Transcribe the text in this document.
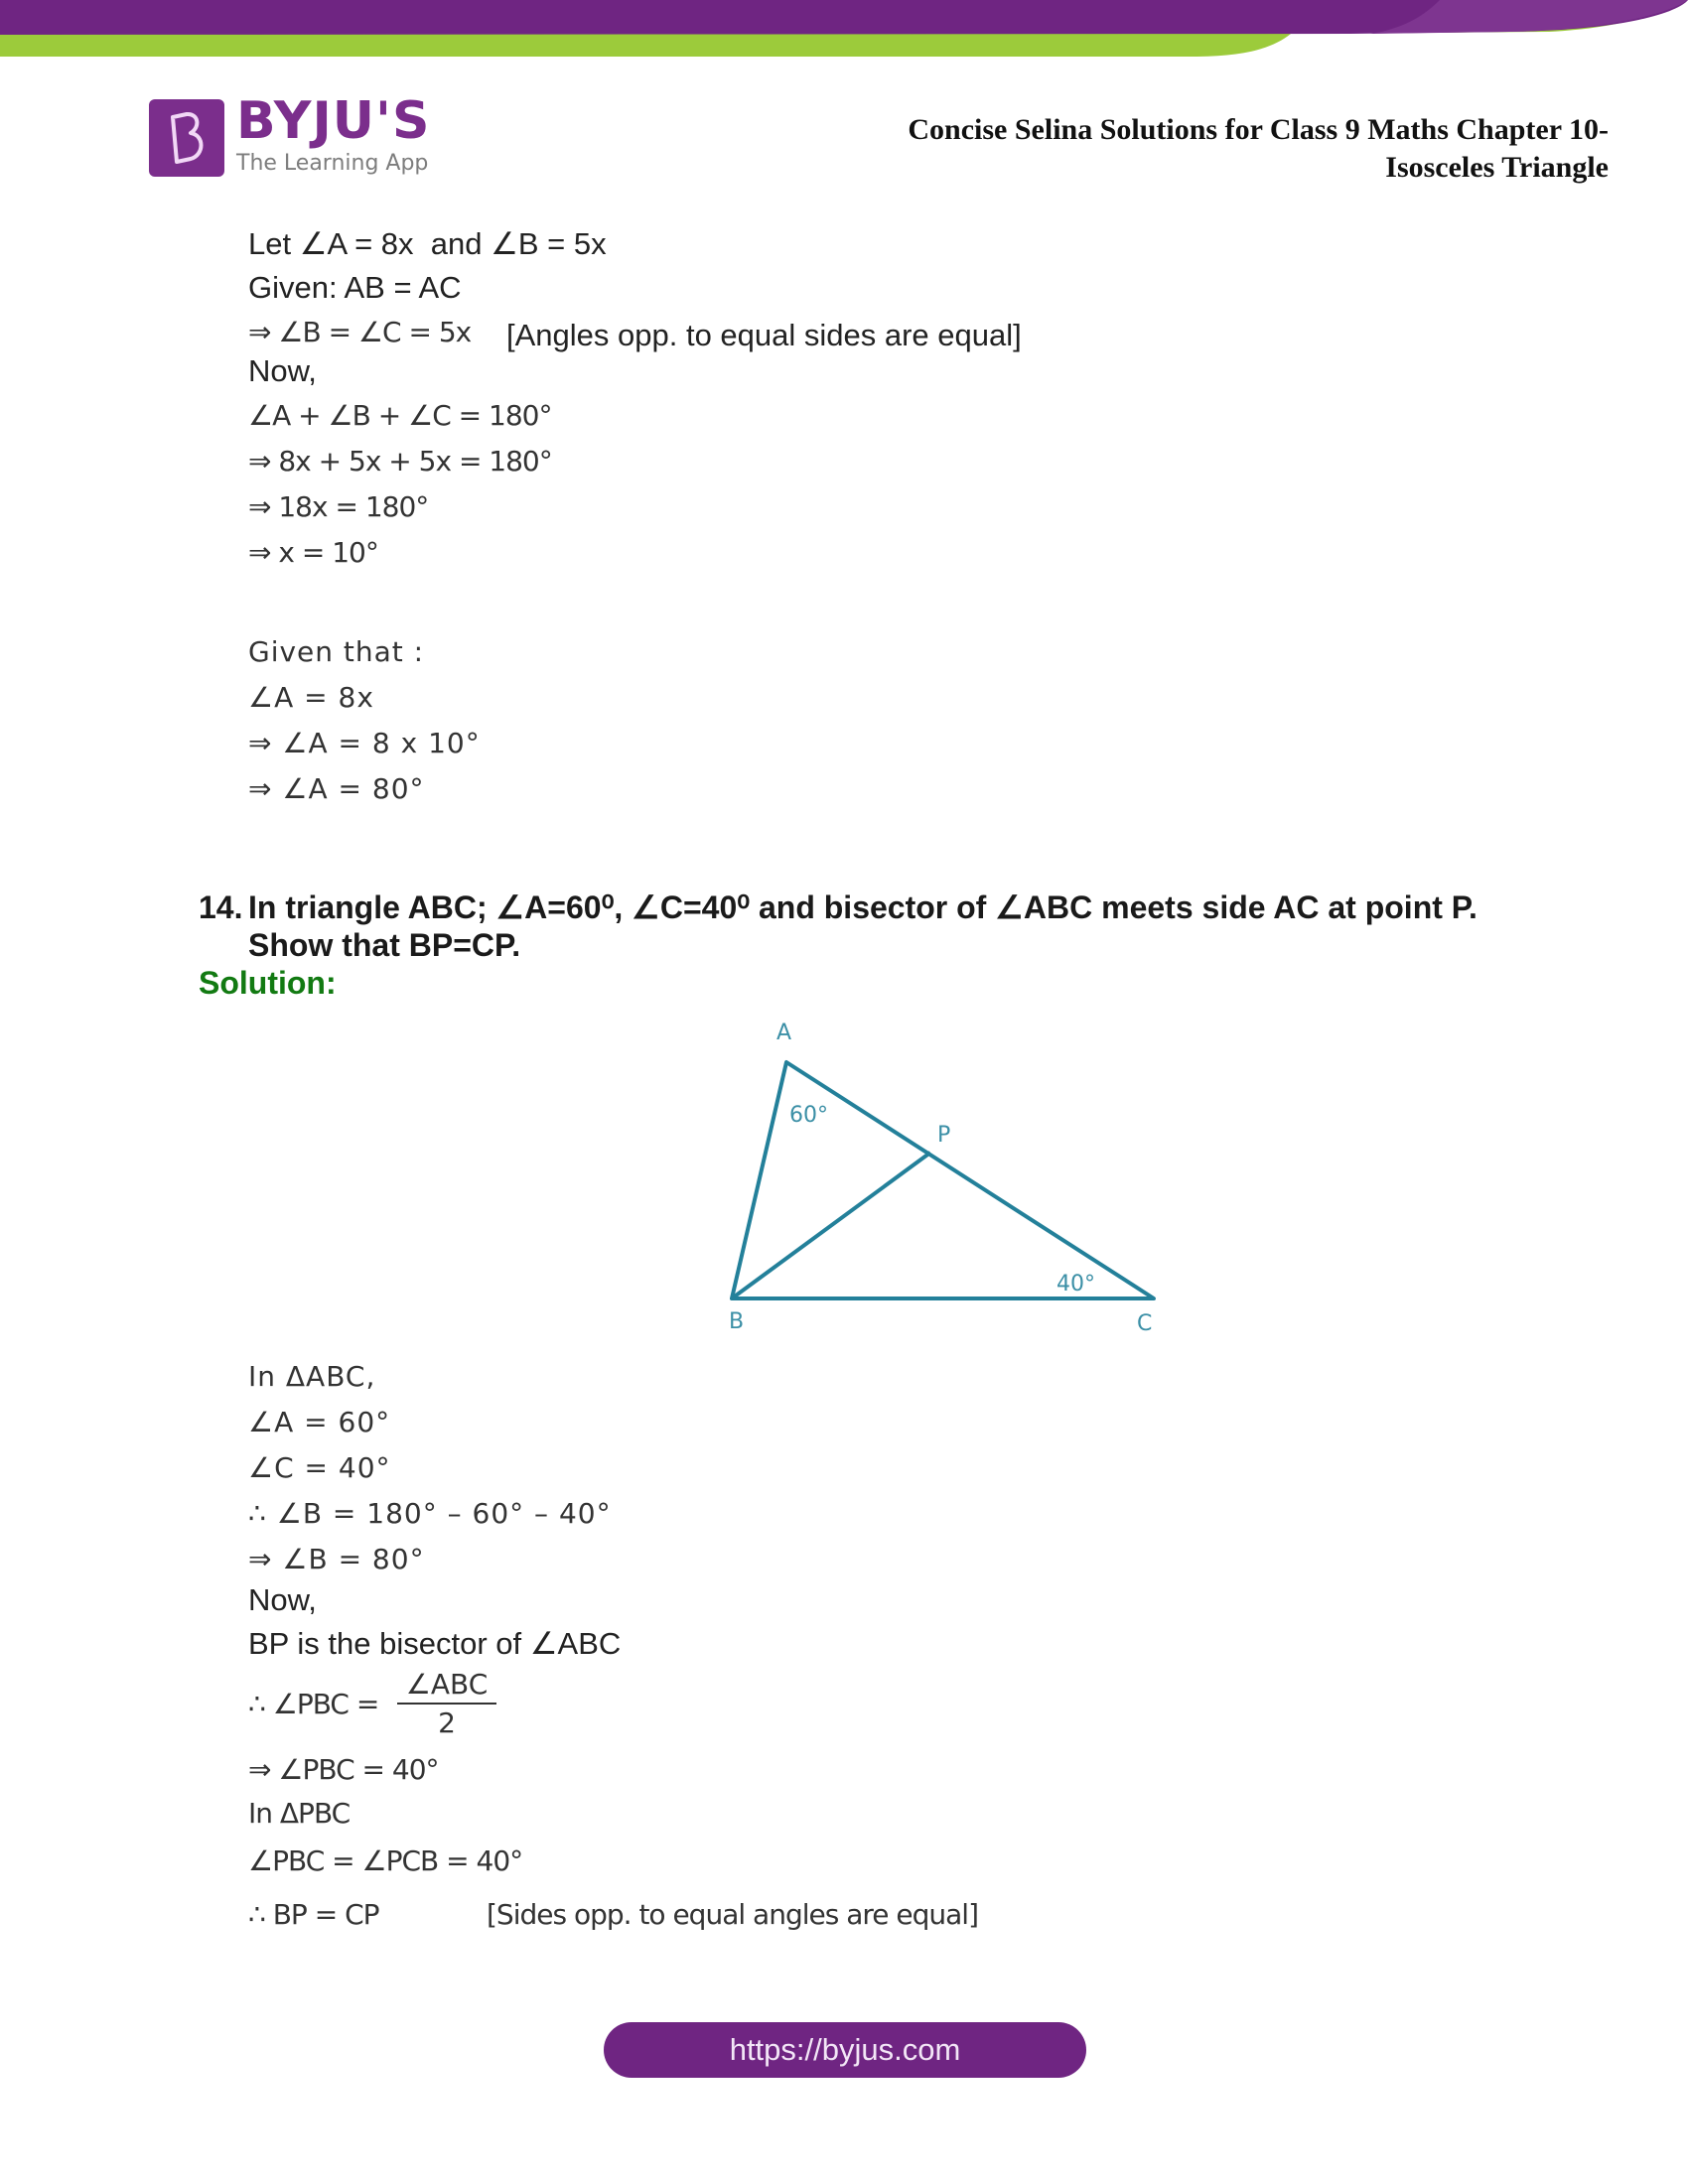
BYJU'S
The Learning App
Concise Selina Solutions for Class 9 Maths Chapter 10-
Isosceles Triangle
Let ∠A = 8x  and ∠B = 5x
Given: AB = AC
⇒ ∠B = ∠C = 5x [Angles opp. to equal sides are equal]
Now,
∠A + ∠B + ∠C = 180°
⇒ 8x + 5x + 5x = 180°
⇒ 18x = 180°
⇒ x = 10°
Given that :
∠A = 8x
⇒ ∠A = 8 x 10°
⇒ ∠A = 80°
14. In triangle ABC; ∠A=60⁰, ∠C=40⁰ and bisector of ∠ABC meets side AC at point P. Show that BP=CP.
Solution:
A
P
B	C
60°
40°
In ΔABC,
∠A = 60°
∠C = 40°
∴ ∠B = 180° – 60° – 40°
⇒ ∠B = 80°
Now,
BP is the bisector of ∠ABC
∴ ∠PBC =
∠ABC
2
⇒ ∠PBC = 40°
In ΔPBC
∠PBC = ∠PCB = 40°
∴ BP = CP	[Sides opp. to equal angles are equal]
https://byjus.com
